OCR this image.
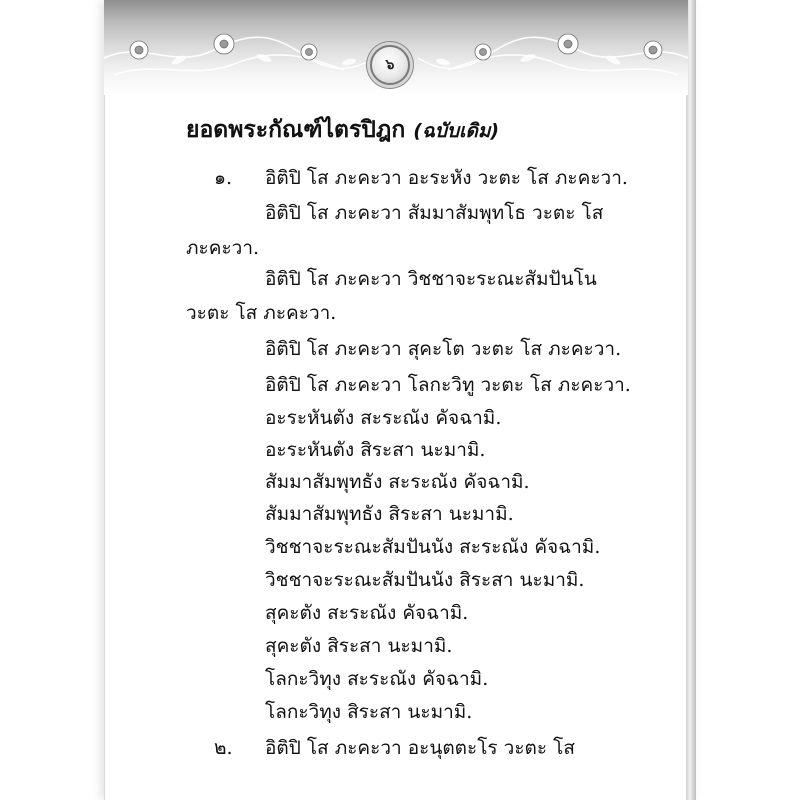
๖
ยอดพระกัณฑ์ไตรปิฎก (ฉบับเดิม)
๑. อิติปิ โส ภะคะวา อะระหัง วะตะ โส ภะคะวา.
อิติปิ โส ภะคะวา สัมมาสัมพุทโธ วะตะ โส
ภะคะวา.
อิติปิ โส ภะคะวา วิชชาจะระณะสัมปันโน
วะตะ โส ภะคะวา.
อิติปิ โส ภะคะวา สุคะโต วะตะ โส ภะคะวา.
อิติปิ โส ภะคะวา โลกะวิทู วะตะ โส ภะคะวา.
อะระหันตัง สะระณัง คัจฉามิ.
อะระหันตัง สิระสา นะมามิ.
สัมมาสัมพุทธัง สะระณัง คัจฉามิ.
สัมมาสัมพุทธัง สิระสา นะมามิ.
วิชชาจะระณะสัมปันนัง สะระณัง คัจฉามิ.
วิชชาจะระณะสัมปันนัง สิระสา นะมามิ.
สุคะตัง สะระณัง คัจฉามิ.
สุคะตัง สิระสา นะมามิ.
โลกะวิทุง สะระณัง คัจฉามิ.
โลกะวิทุง สิระสา นะมามิ.
๒. อิติปิ โส ภะคะวา อะนุตตะโร วะตะ โส
